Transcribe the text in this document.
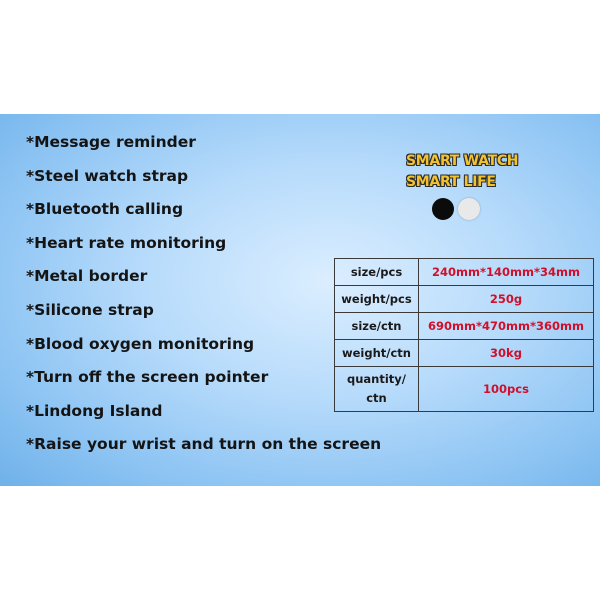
*Message reminder
*Steel watch strap
*Bluetooth calling
*Heart rate monitoring
*Metal border
*Silicone strap
*Blood oxygen monitoring
*Turn off the screen pointer
*Lindong Island
*Raise your wrist and turn on the screen
SMART WATCH
SMART LIFE
size/pcs	240mm*140mm*34mm
weight/pcs	250g
size/ctn	690mm*470mm*360mm
weight/ctn	30kg

quantity/
ctn	100pcs
